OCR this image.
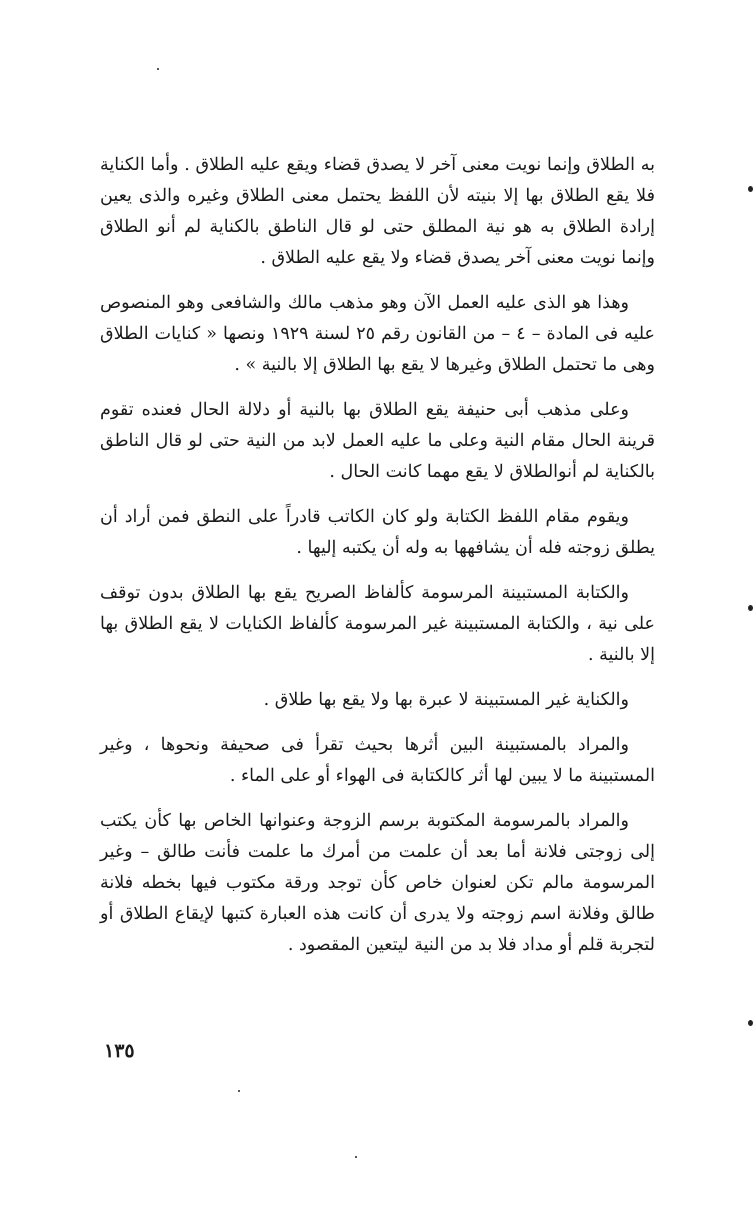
به الطلاق وإنما نويت معنى آخر لا يصدق قضاء ويقع عليه الطلاق . وأما الكناية فلا يقع الطلاق بها إلا بنيته لأن اللفظ يحتمل معنى الطلاق وغيره والذى يعين إرادة الطلاق به هو نية المطلق حتى لو قال الناطق بالكناية لم أنو الطلاق وإنما نويت معنى آخر يصدق قضاء ولا يقع عليه الطلاق .

وهذا هو الذى عليه العمل الآن وهو مذهب مالك والشافعى وهو المنصوص عليه فى المادة – ٤ – من القانون رقم ٢٥ لسنة ١٩٢٩ ونصها « كنايات الطلاق وهى ما تحتمل الطلاق وغيرها لا يقع بها الطلاق إلا بالنية » .

وعلى مذهب أبى حنيفة يقع الطلاق بها بالنية أو دلالة الحال فعنده تقوم قرينة الحال مقام النية وعلى ما عليه العمل لابد من النية حتى لو قال الناطق بالكناية لم أنوالطلاق لا يقع مهما كانت الحال .

ويقوم مقام اللفظ الكتابة ولو كان الكاتب قادراً على النطق فمن أراد أن يطلق زوجته فله أن يشافهها به وله أن يكتبه إليها .

والكتابة المستبينة المرسومة كألفاظ الصريح يقع بها الطلاق بدون توقف على نية ، والكتابة المستبينة غير المرسومة كألفاظ الكنايات لا يقع الطلاق بها إلا بالنية .

والكناية غير المستبينة لا عبرة بها ولا يقع بها طلاق .

والمراد بالمستبينة البين أثرها بحيث تقرأ فى صحيفة ونحوها ، وغير المستبينة ما لا يبين لها أثر كالكتابة فى الهواء أو على الماء .

والمراد بالمرسومة المكتوبة برسم الزوجة وعنوانها الخاص بها كأن يكتب إلى زوجتى فلانة أما بعد أن علمت من أمرك ما علمت فأنت طالق – وغير المرسومة مالم تكن لعنوان خاص كأن توجد ورقة مكتوب فيها بخطه فلانة طالق وفلانة اسم زوجته ولا يدرى أن كانت هذه العبارة كتبها لإيقاع الطلاق أو لتجربة قلم أو مداد فلا بد من النية ليتعين المقصود .

١٣٥
